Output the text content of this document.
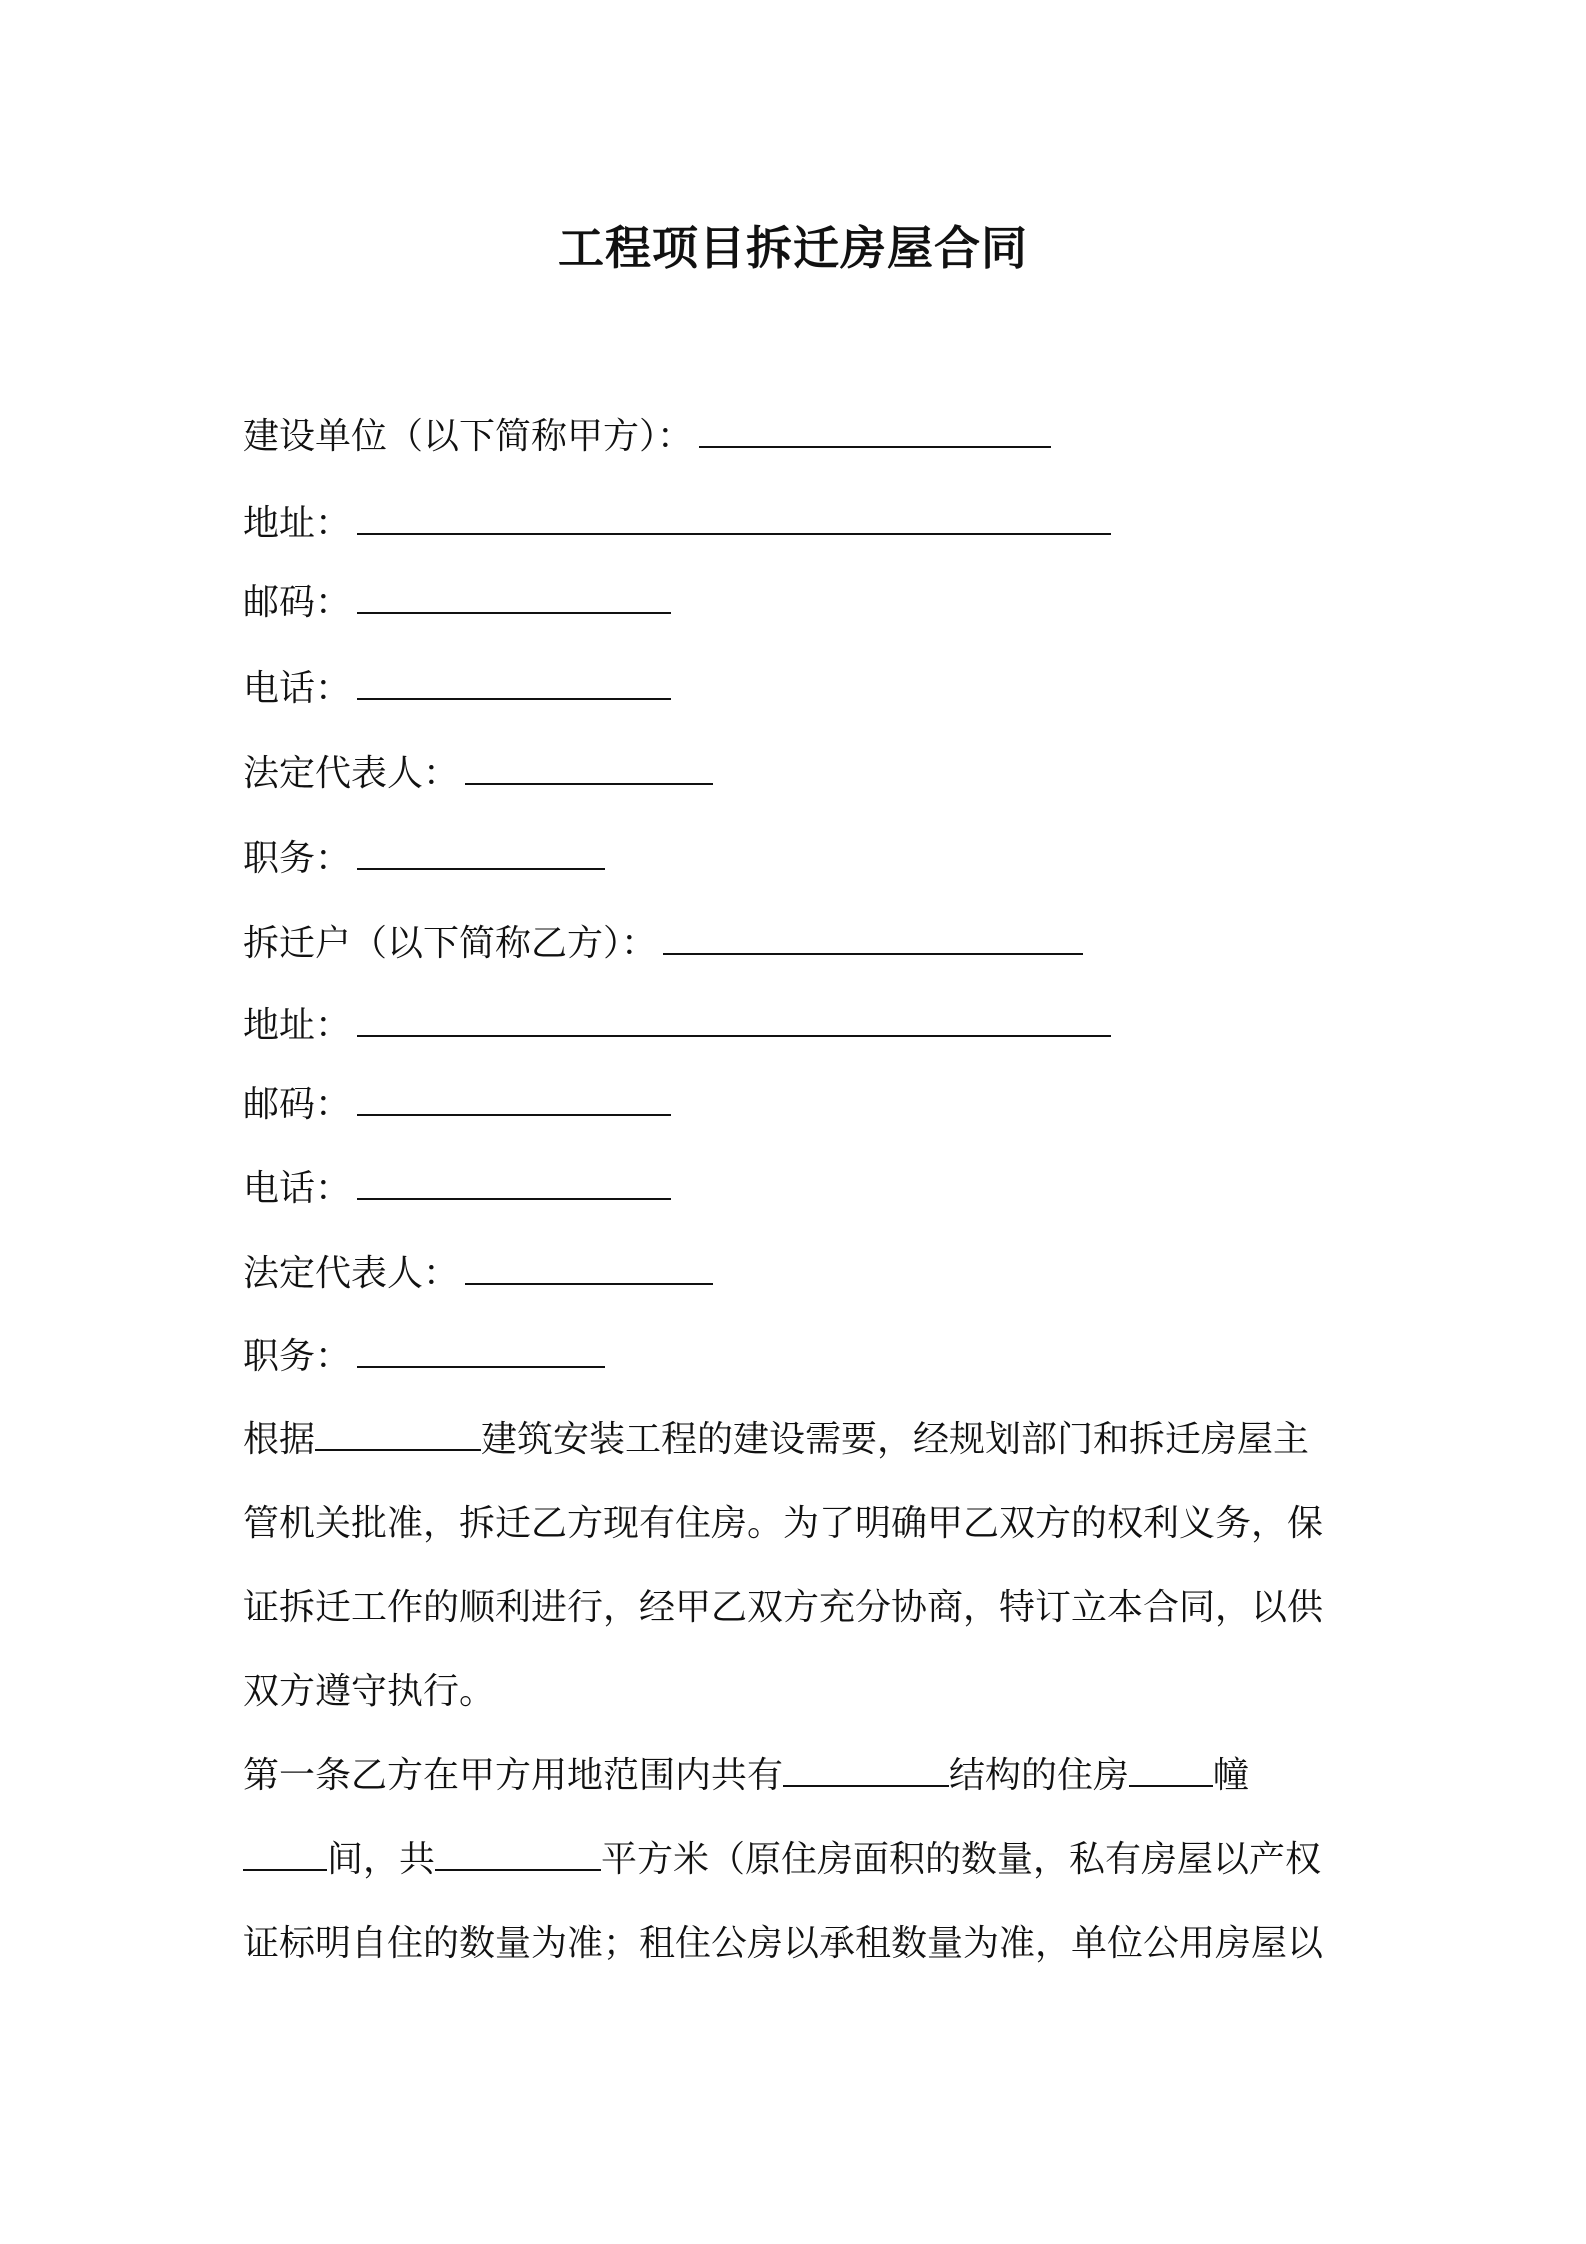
工程项目拆迁房屋合同
建设单位（以下简称甲方）：
地址：
邮码：
电话：
法定代表人：
职务：
拆迁户（以下简称乙方）：
地址：
邮码：
电话：
法定代表人：
职务：
根据	建筑安装工程的建设需要，经规划部门和拆迁房屋主
管机关批准，拆迁乙方现有住房。为了明确甲乙双方的权利义务，保
证拆迁工作的顺利进行，经甲乙双方充分协商，特订立本合同，以供
双方遵守执行。
第一条乙方在甲方用地范围内共有	结构的住房 幢
间，共	平方米（原住房面积的数量，私有房屋以产权
证标明自住的数量为准；租住公房以承租数量为准，单位公用房屋以
